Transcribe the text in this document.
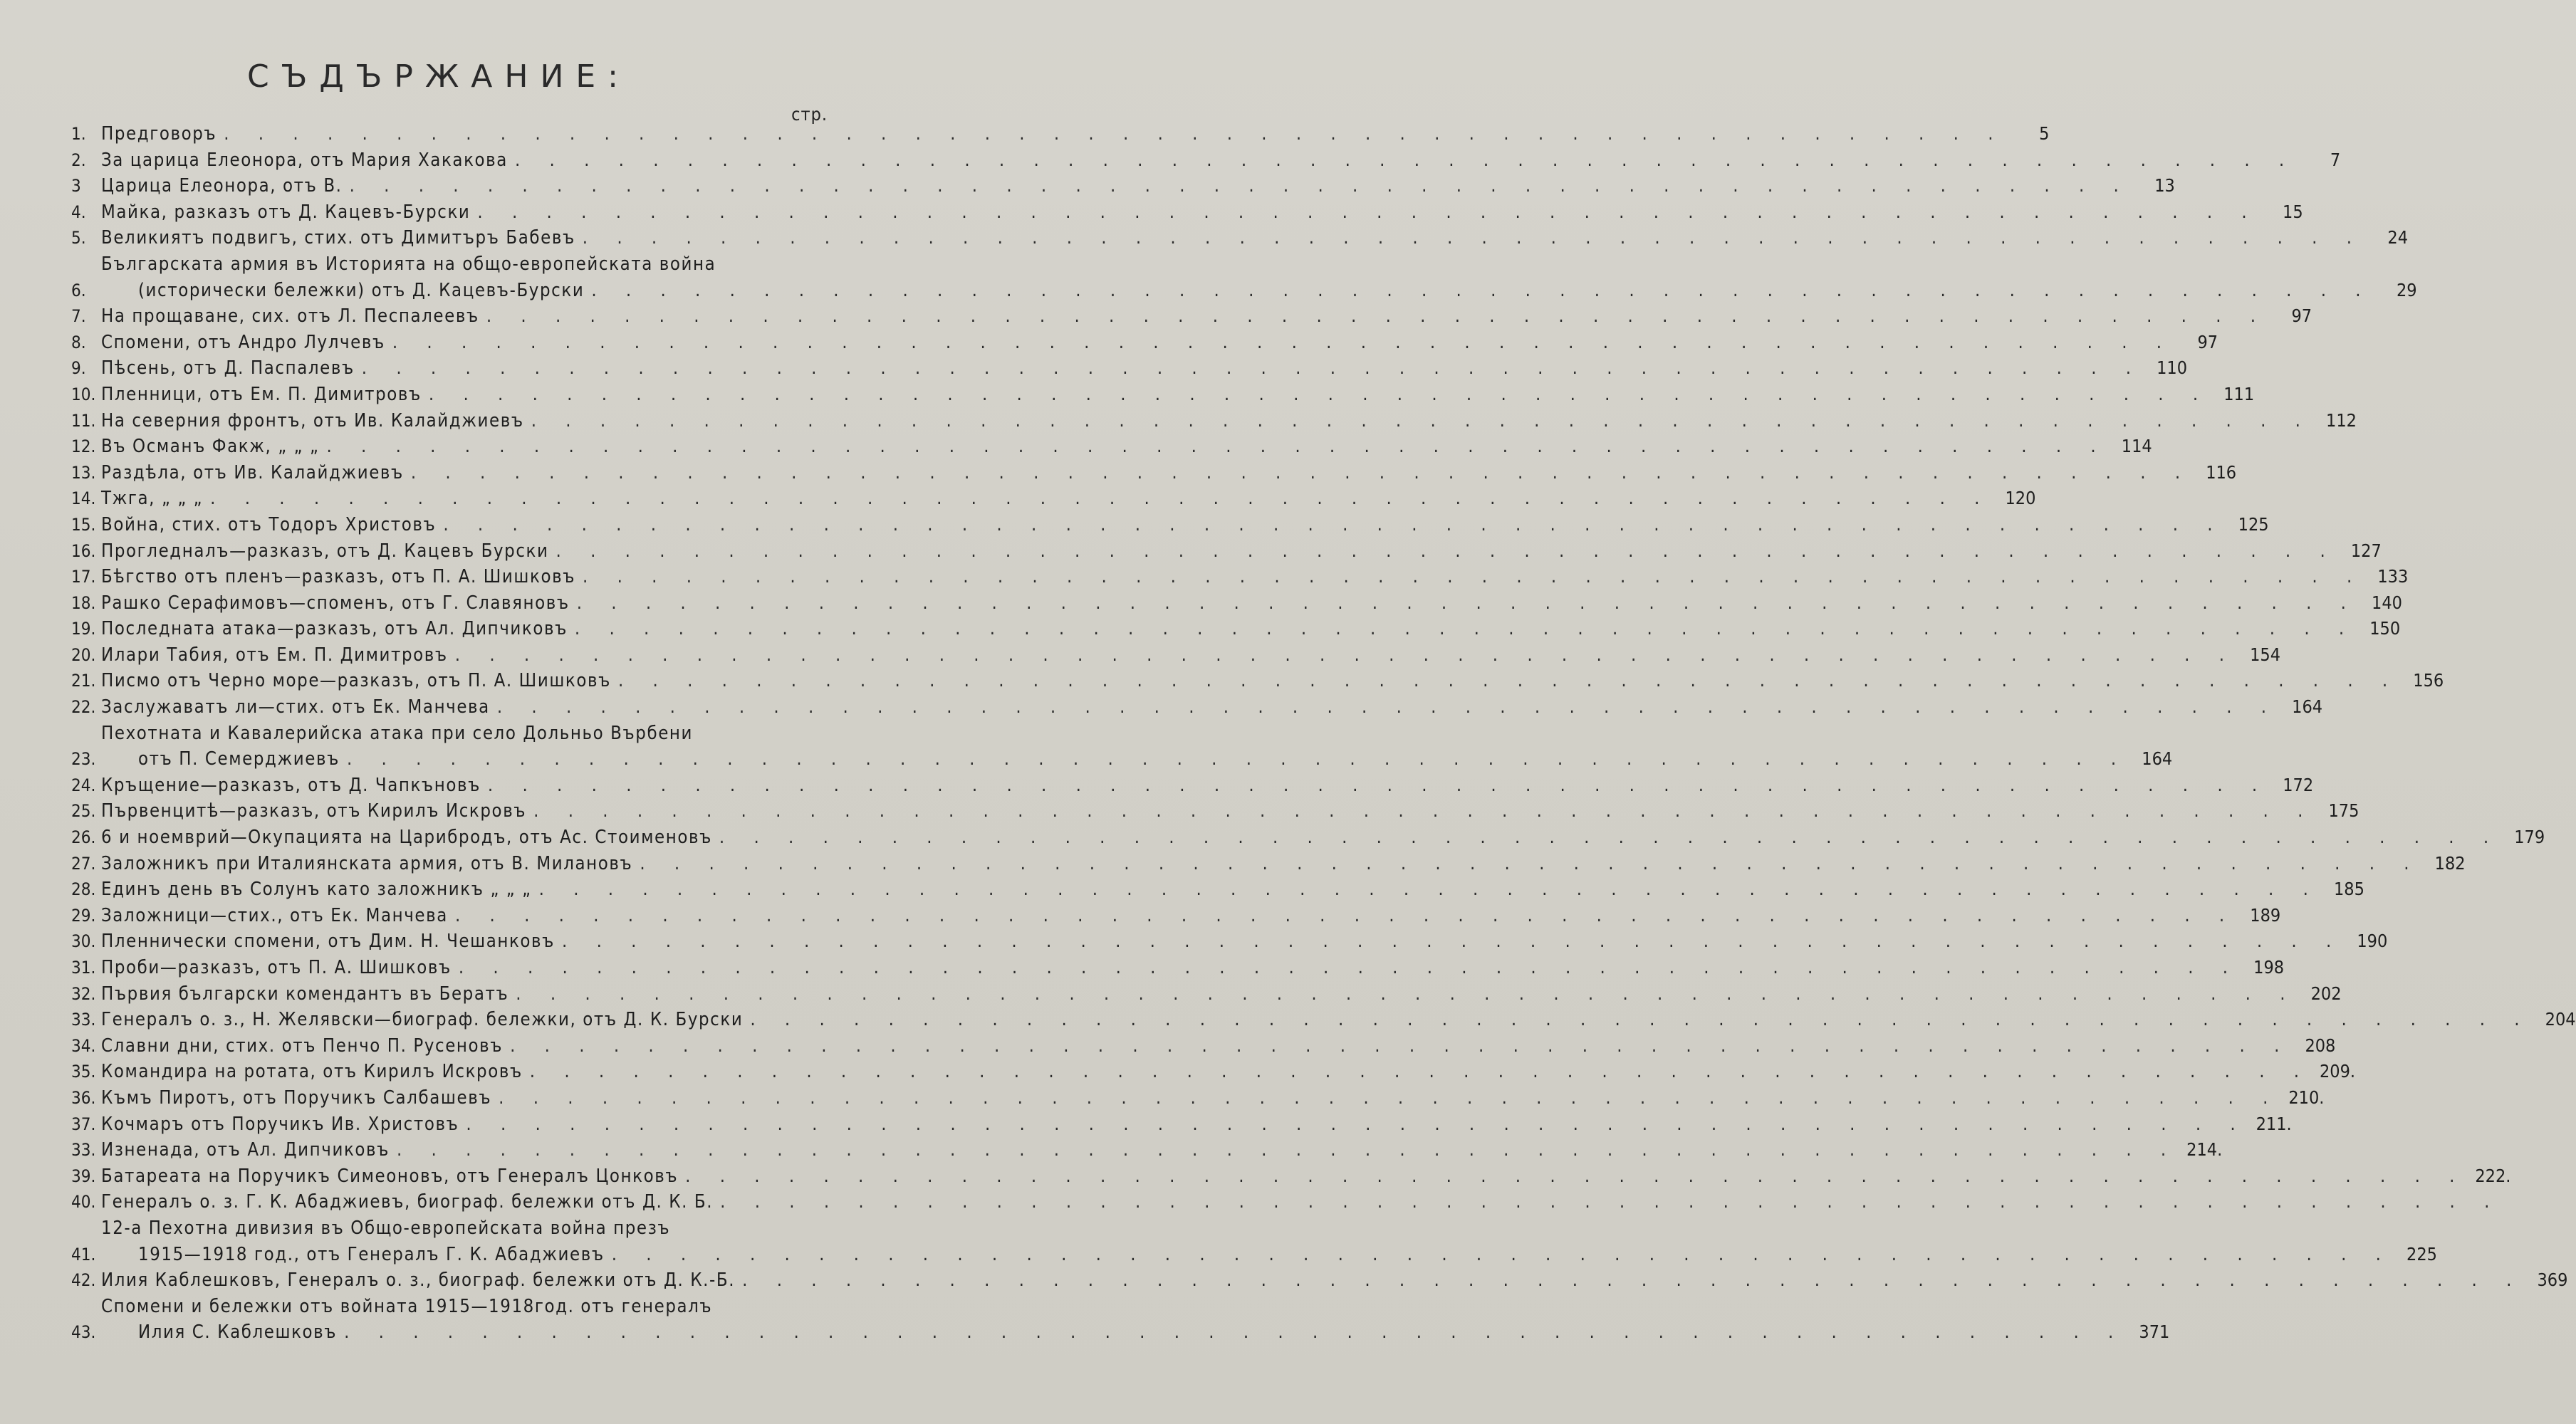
СЪДЪРЖАНИЕ:
стр.
1. Предговоръ . . . . . . . . . . . . . . . . . . . . . . . . . . . . . . . . . . . . . . . . . . . . . . . . . . . .	5
2. За царица Елеонора, отъ Мария Хакакова . . . . . . . . . . . . . . . . . . . . . . . . . . . . . . . . . . . . . . . . . . . . . . . . . . . .	7
3	Царица Елеонора, отъ В. . . . . . . . . . . . . . . . . . . . . . . . . . . . . . . . . . . . . . . . . . . . . . . . . . . . .	13
4. Майка, разказъ отъ Д. Кацевъ-Бурски . . . . . . . . . . . . . . . . . . . . . . . . . . . . . . . . . . . . . . . . . . . . . . . . . . . .	15
5. Великиятъ подвигъ, стих. отъ Димитъръ Бабевъ . . . . . . . . . . . . . . . . . . . . . . . . . . . . . . . . . . . . . . . . . . . . . . . . . . . .	24
6.
Българската армия въ Историята на общо-европейската война
(исторически бележки) отъ Д. Кацевъ-Бурски . . . . . . . . . . . . . . . . . . . . . . . . . . . . . . . . . . . . . . . . . . . . . . . . . . . .	29
7. На прощаване, сих. отъ Л. Песпалеевъ . . . . . . . . . . . . . . . . . . . . . . . . . . . . . . . . . . . . . . . . . . . . . . . . . . . .	97
8. Спомени, отъ Андро Лулчевъ . . . . . . . . . . . . . . . . . . . . . . . . . . . . . . . . . . . . . . . . . . . . . . . . . . . .	97
9. Пѣсень, отъ Д. Паспалевъ . . . . . . . . . . . . . . . . . . . . . . . . . . . . . . . . . . . . . . . . . . . . . . . . . . . . 110
10. Пленници, отъ Ем. П. Димитровъ . . . . . . . . . . . . . . . . . . . . . . . . . . . . . . . . . . . . . . . . . . . . . . . . . . . . 111
11. На северния фронтъ, отъ Ив. Калайджиевъ . . . . . . . . . . . . . . . . . . . . . . . . . . . . . . . . . . . . . . . . . . . . . . . . . . . . 112
12. Въ Османъ Факж, „ „ „ . . . . . . . . . . . . . . . . . . . . . . . . . . . . . . . . . . . . . . . . . . . . . . . . . . . . 114
13. Раздѣла, отъ Ив. Калайджиевъ . . . . . . . . . . . . . . . . . . . . . . . . . . . . . . . . . . . . . . . . . . . . . . . . . . . . 116
14. Тжга, „ „ „ . . . . . . . . . . . . . . . . . . . . . . . . . . . . . . . . . . . . . . . . . . . . . . . . . . . . 120
15. Война, стих. отъ Тодоръ Христовъ . . . . . . . . . . . . . . . . . . . . . . . . . . . . . . . . . . . . . . . . . . . . . . . . . . . . 125
16. Прогледналъ—разказъ, отъ Д. Кацевъ Бурски . . . . . . . . . . . . . . . . . . . . . . . . . . . . . . . . . . . . . . . . . . . . . . . . . . . . 127
17. Бѣгство отъ пленъ—разказъ, отъ П. А. Шишковъ . . . . . . . . . . . . . . . . . . . . . . . . . . . . . . . . . . . . . . . . . . . . . . . . . . . . 133
18. Рашко Серафимовъ—споменъ, отъ Г. Славяновъ . . . . . . . . . . . . . . . . . . . . . . . . . . . . . . . . . . . . . . . . . . . . . . . . . . . . 140
19. Последната атака—разказъ, отъ Ал. Дипчиковъ . . . . . . . . . . . . . . . . . . . . . . . . . . . . . . . . . . . . . . . . . . . . . . . . . . . . 150
20. Илари Табия, отъ Ем. П. Димитровъ . . . . . . . . . . . . . . . . . . . . . . . . . . . . . . . . . . . . . . . . . . . . . . . . . . . . 154
21. Писмо отъ Черно море—разказъ, отъ П. А. Шишковъ . . . . . . . . . . . . . . . . . . . . . . . . . . . . . . . . . . . . . . . . . . . . . . . . . . . . 156
22. Заслужаватъ ли—стих. отъ Ек. Манчева . . . . . . . . . . . . . . . . . . . . . . . . . . . . . . . . . . . . . . . . . . . . . . . . . . . . 164
23.
Пехотната и Кавалерийска атака при село Дольньо Върбени
отъ П. Семерджиевъ . . . . . . . . . . . . . . . . . . . . . . . . . . . . . . . . . . . . . . . . . . . . . . . . . . . . 164
24. Кръщение—разказъ, отъ Д. Чапкъновъ . . . . . . . . . . . . . . . . . . . . . . . . . . . . . . . . . . . . . . . . . . . . . . . . . . . . 172
25. Първенцитѣ—разказъ, отъ Кирилъ Искровъ . . . . . . . . . . . . . . . . . . . . . . . . . . . . . . . . . . . . . . . . . . . . . . . . . . . . 175
26. 6 и ноемврий—Окупацията на Царибродъ, отъ Ас. Стоименовъ . . . . . . . . . . . . . . . . . . . . . . . . . . . . . . . . . . . . . . . . . . . . . . . . . . . . 179
27. Заложникъ при Италиянската армия, отъ В. Милановъ . . . . . . . . . . . . . . . . . . . . . . . . . . . . . . . . . . . . . . . . . . . . . . . . . . . . 182
28. Единъ день въ Солунъ като заложникъ „ „ „ . . . . . . . . . . . . . . . . . . . . . . . . . . . . . . . . . . . . . . . . . . . . . . . . . . . . 185
29. Заложници—стих., отъ Ек. Манчева . . . . . . . . . . . . . . . . . . . . . . . . . . . . . . . . . . . . . . . . . . . . . . . . . . . . 189
30. Пленнически спомени, отъ Дим. Н. Чешанковъ . . . . . . . . . . . . . . . . . . . . . . . . . . . . . . . . . . . . . . . . . . . . . . . . . . . . 190
31. Проби—разказъ, отъ П. А. Шишковъ . . . . . . . . . . . . . . . . . . . . . . . . . . . . . . . . . . . . . . . . . . . . . . . . . . . . 198
32. Първия български комендантъ въ Бератъ . . . . . . . . . . . . . . . . . . . . . . . . . . . . . . . . . . . . . . . . . . . . . . . . . . . . 202
33. Генералъ о. з., Н. Желявски—биограф. бележки, отъ Д. К. Бурски . . . . . . . . . . . . . . . . . . . . . . . . . . . . . . . . . . . . . . . . . . . . . . . . . . . . 204
34. Славни дни, стих. отъ Пенчо П. Русеновъ . . . . . . . . . . . . . . . . . . . . . . . . . . . . . . . . . . . . . . . . . . . . . . . . . . . . 208
35. Командира на ротата, отъ Кирилъ Искровъ . . . . . . . . . . . . . . . . . . . . . . . . . . . . . . . . . . . . . . . . . . . . . . . . . . . . 209.
36. Къмъ Пиротъ, отъ Поручикъ Салбашевъ . . . . . . . . . . . . . . . . . . . . . . . . . . . . . . . . . . . . . . . . . . . . . . . . . . . . 210.
37. Кочмаръ отъ Поручикъ Ив. Христовъ . . . . . . . . . . . . . . . . . . . . . . . . . . . . . . . . . . . . . . . . . . . . . . . . . . . . 211.
33. Изненада, отъ Ал. Дипчиковъ . . . . . . . . . . . . . . . . . . . . . . . . . . . . . . . . . . . . . . . . . . . . . . . . . . . . 214.
39. Батареата на Поручикъ Симеоновъ, отъ Генералъ Цонковъ . . . . . . . . . . . . . . . . . . . . . . . . . . . . . . . . . . . . . . . . . . . . . . . . . . . . 222.
40. Генералъ о. з. Г. К. Абаджиевъ, биограф. бележки отъ Д. К. Б. . . . . . . . . . . . . . . . . . . . . . . . . . . . . . . . . . . . . . . . . . . . . . . . . . . . .
41.
12-а Пехотна дивизия въ Общо-европейската война презъ
1915—1918 год., отъ Генералъ Г. К. Абаджиевъ . . . . . . . . . . . . . . . . . . . . . . . . . . . . . . . . . . . . . . . . . . . . . . . . . . . . 225
42. Илия Каблешковъ, Генералъ о. з., биограф. бележки отъ Д. К.-Б. . . . . . . . . . . . . . . . . . . . . . . . . . . . . . . . . . . . . . . . . . . . . . . . . . . . . 369
43.
Спомени и бележки отъ войната 1915—1918год. отъ генералъ
Илия С. Каблешковъ . . . . . . . . . . . . . . . . . . . . . . . . . . . . . . . . . . . . . . . . . . . . . . . . . . . . 371
